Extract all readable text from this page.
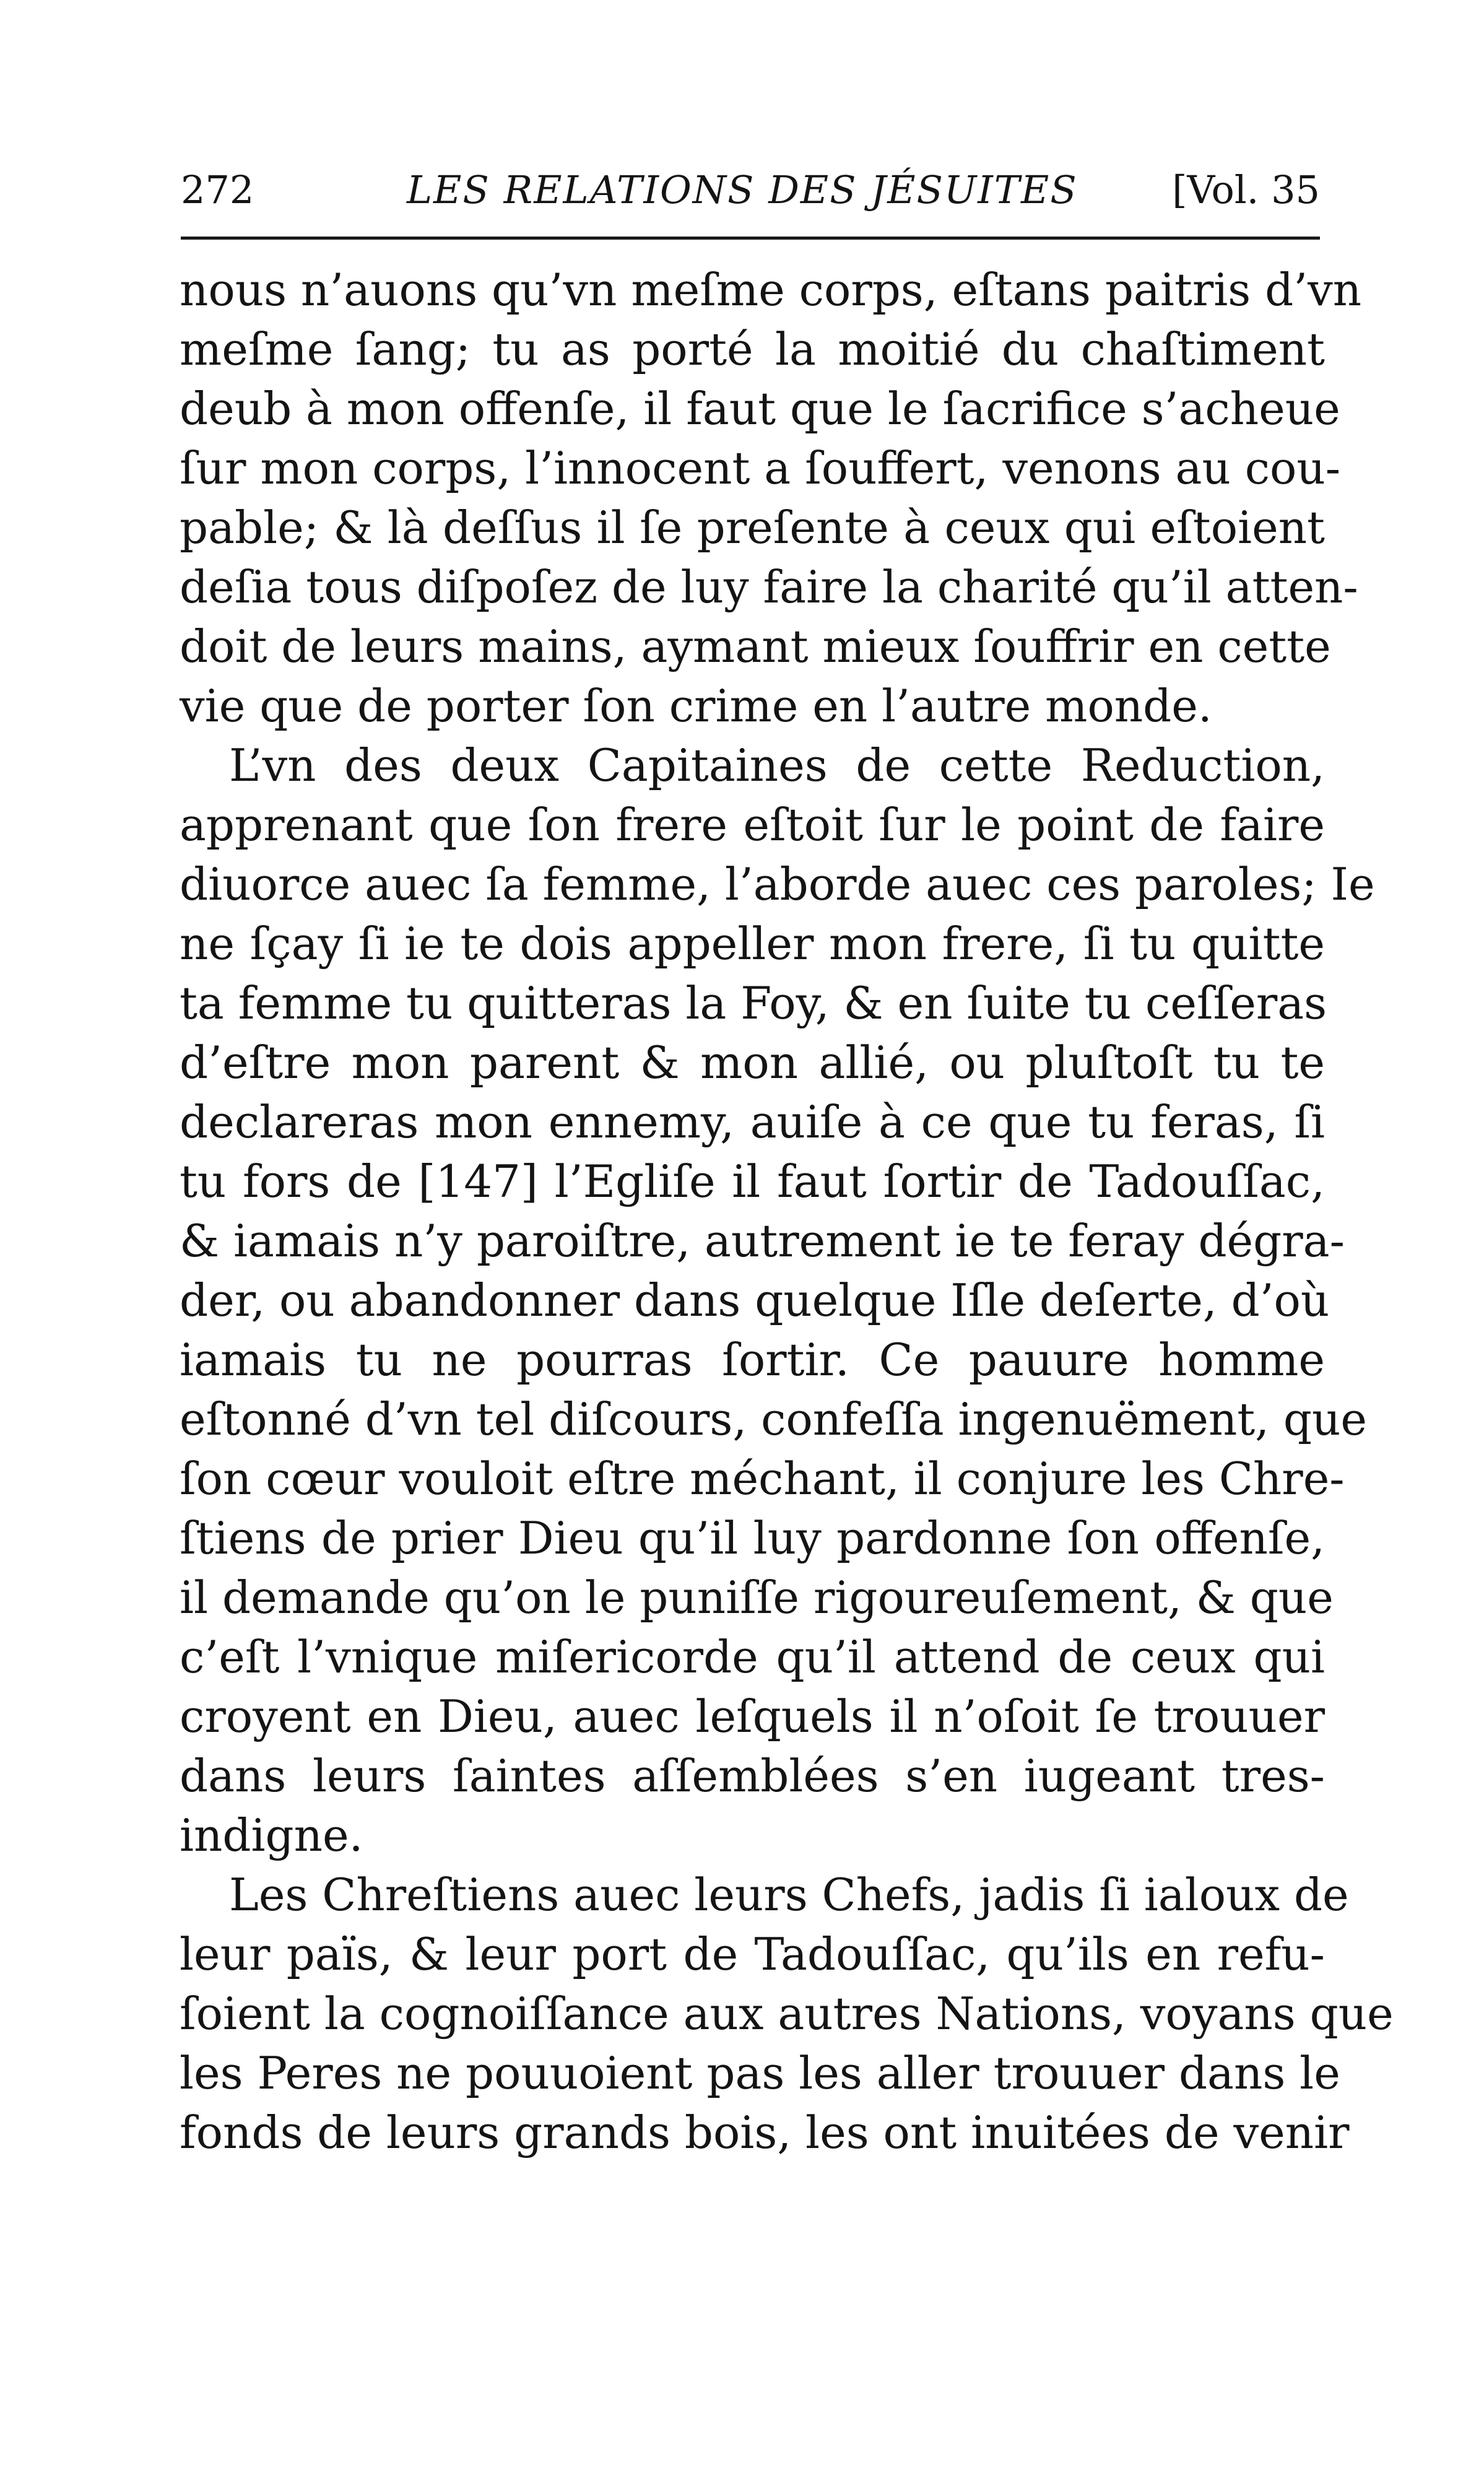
272	LES RELATIONS DES JÉSUITES [Vol. 35
nous n’auons qu’vn meſme corps, eſtans paitris d’vn
meſme ſang; tu as porté la moitié du chaſtiment
deub à mon offenſe, il faut que le ſacrifice s’acheue
ſur mon corps, l’innocent a ſouffert, venons au cou-
pable; & là deſſus il ſe preſente à ceux qui eſtoient
deſia tous diſpoſez de luy faire la charité qu’il atten-
doit de leurs mains, aymant mieux ſouffrir en cette
vie que de porter ſon crime en l’autre monde.
L’vn des deux Capitaines de cette Reduction,
apprenant que ſon frere eſtoit ſur le point de faire
diuorce auec ſa femme, l’aborde auec ces paroles; Ie
ne ſçay ſi ie te dois appeller mon frere, ſi tu quitte
ta femme tu quitteras la Foy, & en ſuite tu ceſſeras
d’eſtre mon parent & mon allié, ou pluſtoſt tu te
declareras mon ennemy, auiſe à ce que tu feras, ſi
tu fors de [147] l’Egliſe il faut ſortir de Tadouſſac,
& iamais n’y paroiſtre, autrement ie te feray dégra-
der, ou abandonner dans quelque Iſle deſerte, d’où
iamais tu ne pourras ſortir. Ce pauure homme
eſtonné d’vn tel diſcours, confeſſa ingenuëment, que
ſon cœur vouloit eſtre méchant, il conjure les Chre-
ſtiens de prier Dieu qu’il luy pardonne ſon offenſe,
il demande qu’on le puniſſe rigoureuſement, & que
c’eſt l’vnique miſericorde qu’il attend de ceux qui
croyent en Dieu, auec leſquels il n’oſoit ſe trouuer
dans leurs ſaintes aſſemblées s’en iugeant tres-
indigne.
Les Chreſtiens auec leurs Chefs, jadis ſi ialoux de
leur païs, & leur port de Tadouſſac, qu’ils en refu-
ſoient la cognoiſſance aux autres Nations, voyans que
les Peres ne pouuoient pas les aller trouuer dans le
fonds de leurs grands bois, les ont inuitées de venir
